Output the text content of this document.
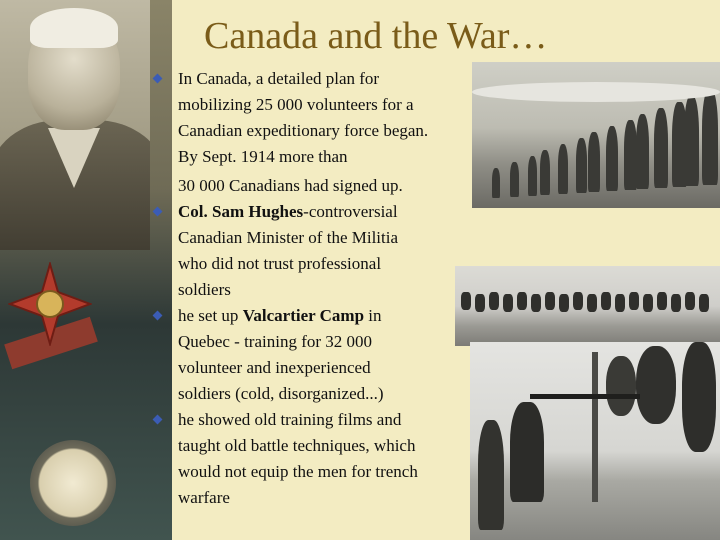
Canada and the War…
In Canada, a detailed plan for
mobilizing 25 000 volunteers for a
Canadian expeditionary force began.
By Sept. 1914 more than
30 000 Canadians had signed up.
Col. Sam Hughes-controversial
Canadian Minister of the Militia
who did not trust professional
soldiers
he set up Valcartier Camp in
Quebec - training for 32 000
volunteer and inexperienced
soldiers (cold, disorganized...)
he showed old training films and
taught old battle techniques, which
would not equip the men for trench
warfare
